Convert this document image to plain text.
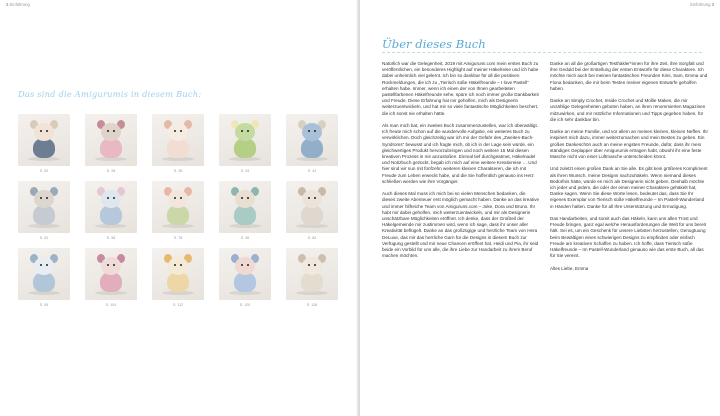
2 Einführung
Das sind die Amigurumis in diesem Buch:
S. 52	S. 28	S. 36	S. 34	S. 42
S. 52	S. 58	S. 78	S. 46	S. 82
S. 95	S. 104	S. 112	S. 120	S. 126
Einführung 3
Über dieses Buch

Natürlich war die Gelegenheit, 2019 mit Amigurumi.com mein erstes Buch zu veröffentlichen, ein besonderes Highlight auf meiner Häkelreise und ich habe dabei unheimlich viel gelernt. Ich bin so dankbar für all die positiven Rückmeldungen, die ich zu „Tierisch süße Häkelfreunde – I love Pastell“ erhalten habe. Immer, wenn ich einen der von Ihnen gearbeiteten pastellfarbenen Häkelfreunde sehe, spüre ich noch immer große Dankbarkeit und Freude. Diese Erfahrung hat mir geholfen, mich als Designerin weiterzuentwickeln, und hat mir so viele fantastische Möglichkeiten beschert, die ich sonst nie erhalten hätte.

Als man mich bat, ein zweites Buch zusammenzustellen, war ich überwältigt. Ich freute mich schon auf die wundervolle Aufgabe, ein weiteres Buch zu verwirklichen. Doch gleichzeitig war ich mir der Gefahr des „Zweiten-Buch-Syndroms“ bewusst und ich fragte mich, ob ich in der Lage sein würde, ein gleichwertiges Produkt hervorzubringen und noch weitere 15 Mal diesen kreativen Prozess in mir anzustoßen. Einmal tief durchgeatmet, Häkelnadel und Notizbuch gezückt, begab ich mich auf eine weitere Kreativreise … Und hier sind wir nun mit fünfzehn weiteren kleinen Charakteren, die ich mit Freude zum Leben erweckt habe, und die Sie hoffentlich genauso ins Herz schließen werden wie ihre Vorgänger.

Auch dieses Mal muss ich mich bei so vielen Menschen bedanken, die dieses zweite Abenteuer erst möglich gemacht haben. Danke an das kreative und immer hilfreiche Team von Amigurumi.com – Joke, Dora und Bruno. Ihr habt mir dabei geholfen, mich weiterzuentwickeln, und mir als Designerin unschätzbare Möglichkeiten eröffnet. Ich denke, dass der Großteil der Häkelgemeinde mir zustimmen wird, wenn ich sage, dass ihr unser aller Kreativität beflügelt. Danke an das großzügige und herzliche Team von Hera DeLuxe, das mir das herrliche Garn für die Designs in diesem Buch zur Verfügung gestellt und mir neue Chancen eröffnet hat. Heidi und Pia, ihr seid beide ein Vorbild für uns alle, die ihre Liebe zur Handarbeit zu ihrem Beruf machen möchten.

Danke an all die großartigen Testhäkler*innen für ihre Zeit, ihre Sorgfalt und ihre Geduld bei der Erstellung der ersten Entwürfe für diese Charaktere. Ich möchte mich auch bei meinen fantastischen Freunden Kimi, Sam, Emma und Fiona bedanken, die mir beim Testen meiner eigenen Entwürfe geholfen haben.

Danke an Simply Crochet, Inside Crochet und Mollie Makes, die mir unzählige Gelegenheiten geboten haben, an ihren renommierten Magazinen mitzuwirken, und mir nützliche Informationen und Tipps gegeben haben, für die ich sehr dankbar bin.

Danke an meine Familie, und vor allem an meinen kleinen, kleinen Neffen. Ihr inspiriert mich dazu, immer weiterzumachen und mein Bestes zu geben. Ein großes Dankeschön auch an meine engsten Freunde, dafür, dass ihr mein ständiges Geplapper über Amigurumis ertragen habt, obwohl ihr eine feste Masche nicht von einer Luftmasche unterscheiden könnt.

Und zuletzt einen großen Dank an Sie alle. Es gibt kein größeres Kompliment als Ihren Wunsch, meine Designs nachzuhäkeln. Wenn niemand dieses Bedürfnis hätte, würde es mich als Designerin nicht geben. Deshalb möchte ich jeder und jedem, die oder der einen meiner Charaktere gehäkelt hat, Danke sagen. Wenn Sie diese Worte lesen, bedeutet das, dass Sie Ihr eigenes Exemplar von Tierisch süße Häkelfreunde – Im Pastell-Wunderland in Händen halten. Danke für all Ihre Unterstützung und Ermutigung.

Das Handarbeiten, und somit auch das Häkeln, kann uns allen Trost und Freude bringen, ganz egal welche Herausforderungen die Welt für uns bereit hält. Sei es, um ein Geschenk für unsere Liebsten herzustellen, Genugtuung beim Bewältigen eines schwierigen Designs zu empfinden oder einfach Freude am kreativen Schaffen zu haben. Ich hoffe, dass Tierisch süße Häkelfreunde – Im Pastell-Wunderland genauso wie das erste Buch, all das für Sie vereint.

Alles Liebe, Emma
